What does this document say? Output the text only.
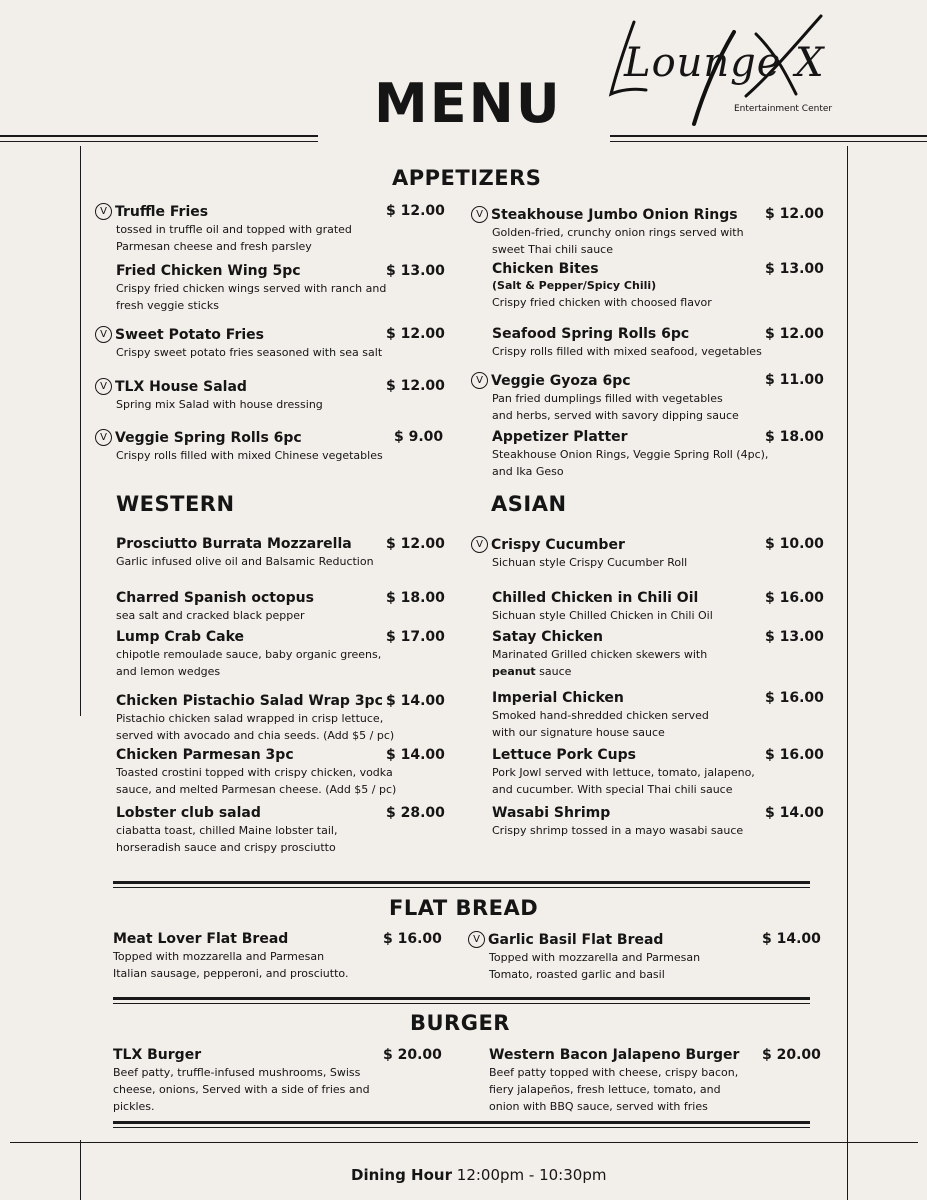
MENU
Lounge X
Entertainment Center
APPETIZERS
WESTERN	ASIAN
FLAT BREAD
BURGER
V Truffle Fries	$ 12.00
tossed in truffle oil and topped with grated
Parmesan cheese and fresh parsley
Fried Chicken Wing 5pc	$ 13.00
Crispy fried chicken wings served with ranch and
fresh veggie sticks
V Sweet Potato Fries	$ 12.00
Crispy sweet potato fries seasoned with sea salt
V TLX House Salad	$ 12.00
Spring mix Salad with house dressing
V Veggie Spring Rolls 6pc	$ 9.00
Crispy rolls filled with mixed Chinese vegetables
V Steakhouse Jumbo Onion Rings $ 12.00
Golden-fried, crunchy onion rings served with
sweet Thai chili sauce
Chicken Bites	$ 13.00
(Salt & Pepper/Spicy Chili)
Crispy fried chicken with choosed flavor
Seafood Spring Rolls 6pc	$ 12.00
Crispy rolls filled with mixed seafood, vegetables
V Veggie Gyoza 6pc	$ 11.00
Pan fried dumplings filled with vegetables
and herbs, served with savory dipping sauce
Appetizer Platter	$ 18.00
Steakhouse Onion Rings, Veggie Spring Roll (4pc),
and Ika Geso
Prosciutto Burrata Mozzarella	$ 12.00
Garlic infused olive oil and Balsamic Reduction
Charred Spanish octopus	$ 18.00
sea salt and cracked black pepper
Lump Crab Cake	$ 17.00
chipotle remoulade sauce, baby organic greens,
and lemon wedges
Chicken Pistachio Salad Wrap 3pc $ 14.00
Pistachio chicken salad wrapped in crisp lettuce,
served with avocado and chia seeds. (Add $5 / pc)
Chicken Parmesan 3pc	$ 14.00
Toasted crostini topped with crispy chicken, vodka
sauce, and melted Parmesan cheese. (Add $5 / pc)
Lobster club salad	$ 28.00
ciabatta toast, chilled Maine lobster tail,
horseradish sauce and crispy prosciutto
V Crispy Cucumber	$ 10.00
Sichuan style Crispy Cucumber Roll
Chilled Chicken in Chili Oil	$ 16.00
Sichuan style Chilled Chicken in Chili Oil
Satay Chicken	$ 13.00
Marinated Grilled chicken skewers with
peanut sauce
Imperial Chicken	$ 16.00
Smoked hand-shredded chicken served
with our signature house sauce
Lettuce Pork Cups	$ 16.00
Pork Jowl served with lettuce, tomato, jalapeno,
and cucumber. With special Thai chili sauce
Wasabi Shrimp	$ 14.00
Crispy shrimp tossed in a mayo wasabi sauce
Meat Lover Flat Bread	$ 16.00
Topped with mozzarella and Parmesan
Italian sausage, pepperoni, and prosciutto.
V Garlic Basil Flat Bread	$ 14.00
Topped with mozzarella and Parmesan
Tomato, roasted garlic and basil
TLX Burger	$ 20.00
Beef patty, truffle-infused mushrooms, Swiss
cheese, onions, Served with a side of fries and
pickles.
Western Bacon Jalapeno Burger	$ 20.00
Beef patty topped with cheese, crispy bacon,
fiery jalapeños, fresh lettuce, tomato, and
onion with BBQ sauce, served with fries
Dining Hour 12:00pm - 10:30pm
